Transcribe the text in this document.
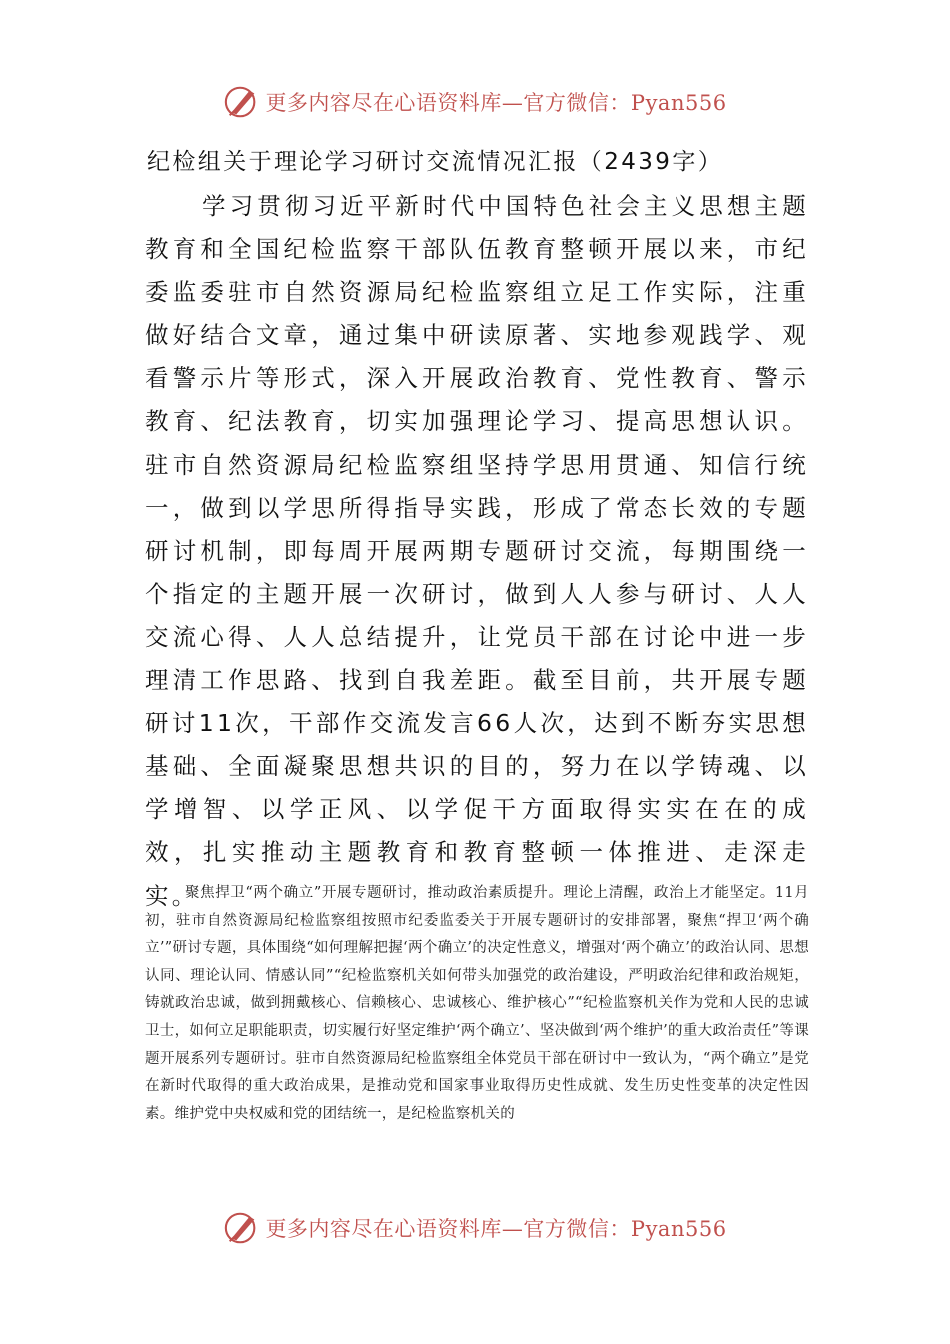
更多内容尽在心语资料库—官方微信：Pyan556
纪检组关于理论学习研讨交流情况汇报（2439字）

学习贯彻习近平新时代中国特色社会主义思想主题教育和全国纪检监察干部队伍教育整顿开展以来，市纪委监委驻市自然资源局纪检监察组立足工作实际，注重做好结合文章，通过集中研读原著、实地参观践学、观看警示片等形式，深入开展政治教育、党性教育、警示教育、纪法教育，切实加强理论学习、提高思想认识。驻市自然资源局纪检监察组坚持学思用贯通、知信行统一，做到以学思所得指导实践，形成了常态长效的专题研讨机制，即每周开展两期专题研讨交流，每期围绕一个指定的主题开展一次研讨，做到人人参与研讨、人人交流心得、人人总结提升，让党员干部在讨论中进一步理清工作思路、找到自我差距。截至目前，共开展专题研讨11次，干部作交流发言66人次，达到不断夯实思想基础、全面凝聚思想共识的目的，努力在以学铸魂、以学增智、以学正风、以学促干方面取得实实在在的成效，扎实推动主题教育和教育整顿一体推进、走深走实。

聚焦捍卫“两个确立”开展专题研讨，推动政治素质提升。理论上清醒，政治上才能坚定。11月初，驻市自然资源局纪检监察组按照市纪委监委关于开展专题研讨的安排部署，聚焦“捍卫‘两个确立’”研讨专题，具体围绕“如何理解把握‘两个确立’的决定性意义，增强对‘两个确立’的政治认同、思想认同、理论认同、情感认同”“纪检监察机关如何带头加强党的政治建设，严明政治纪律和政治规矩，铸就政治忠诚，做到拥戴核心、信赖核心、忠诚核心、维护核心”“纪检监察机关作为党和人民的忠诚卫士，如何立足职能职责，切实履行好坚定维护‘两个确立’、坚决做到‘两个维护’的重大政治责任”等课题开展系列专题研讨。驻市自然资源局纪检监察组全体党员干部在研讨中一致认为，“两个确立”是党在新时代取得的重大政治成果，是推动党和国家事业取得历史性成就、发生历史性变革的决定性因素。维护党中央权威和党的团结统一，是纪检监察机关的

更多内容尽在心语资料库—官方微信：Pyan556
